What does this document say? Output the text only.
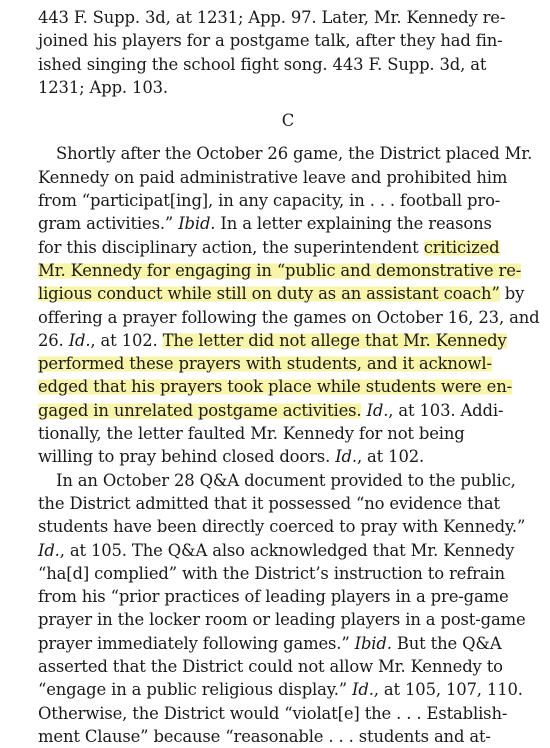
443 F. Supp. 3d, at 1231; App. 97. Later, Mr. Kennedy re-
joined his players for a postgame talk, after they had fin-
ished singing the school fight song. 443 F. Supp. 3d, at
1231; App. 103.
C
Shortly after the October 26 game, the District placed Mr.
Kennedy on paid administrative leave and prohibited him
from “participat[ing], in any capacity, in . . . football pro-
gram activities.” Ibid. In a letter explaining the reasons
for this disciplinary action, the superintendent criticized
Mr. Kennedy for engaging in “public and demonstrative re-
ligious conduct while still on duty as an assistant coach” by
offering a prayer following the games on October 16, 23, and
26. Id., at 102. The letter did not allege that Mr. Kennedy
performed these prayers with students, and it acknowl-
edged that his prayers took place while students were en-
gaged in unrelated postgame activities. Id., at 103. Addi-
tionally, the letter faulted Mr. Kennedy for not being
willing to pray behind closed doors. Id., at 102.
In an October 28 Q&A document provided to the public,
the District admitted that it possessed “no evidence that
students have been directly coerced to pray with Kennedy.”
Id., at 105. The Q&A also acknowledged that Mr. Kennedy
“ha[d] complied” with the District’s instruction to refrain
from his “prior practices of leading players in a pre-game
prayer in the locker room or leading players in a post-game
prayer immediately following games.” Ibid. But the Q&A
asserted that the District could not allow Mr. Kennedy to
“engage in a public religious display.” Id., at 105, 107, 110.
Otherwise, the District would “violat[e] the . . . Establish-
ment Clause” because “reasonable . . . students and at-
